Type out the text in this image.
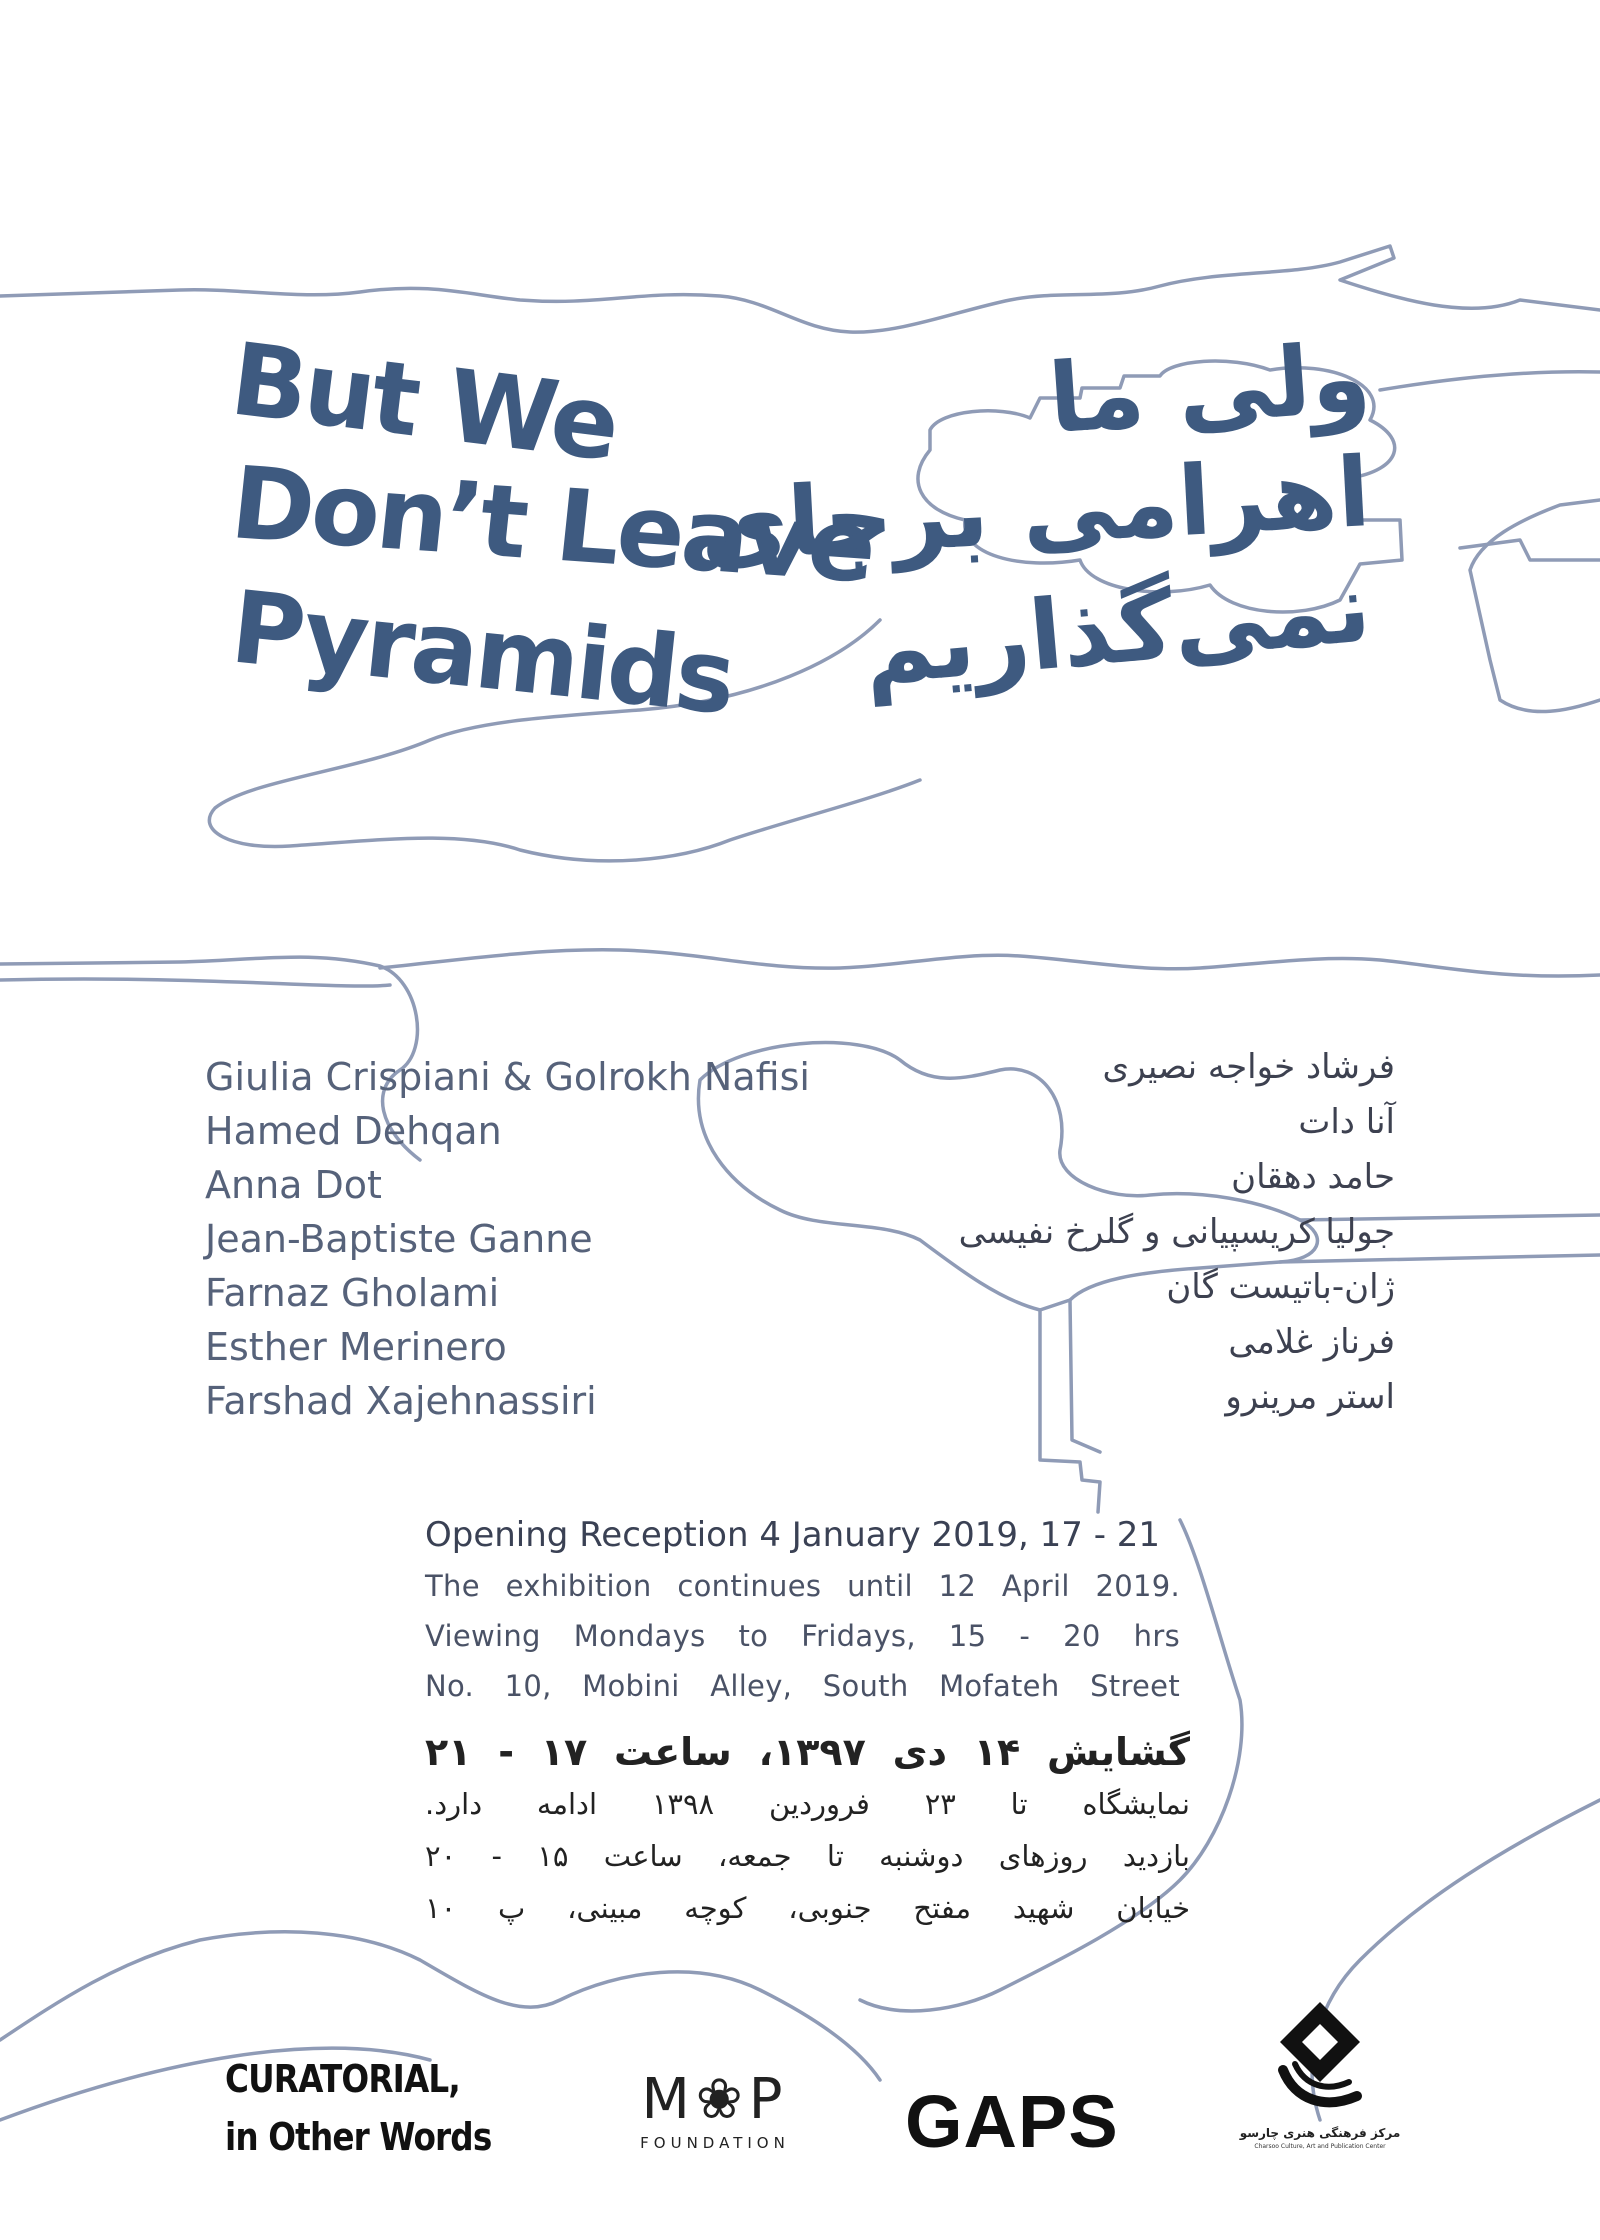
But We
Don’t Leave
Pyramids
ولی ما
اهرامی برجای
نمی‌گذاریم
Giulia Crispiani & Golrokh Nafisi
Hamed Dehqan
Anna Dot
Jean-Baptiste Ganne
Farnaz Gholami
Esther Merinero
Farshad Xajehnassiri
فرشاد خواجه نصیری
آنا دات
حامد دهقان
جولیا کریسپیانی و گلرخ نفیسی
ژان-باتیست گان
فرناز غلامی
استر مرینرو
Opening Reception 4 January 2019, 17 - 21
The exhibition continues until 12 April 2019.
Viewing Mondays to Fridays, 15 - 20 hrs
No. 10, Mobini Alley, South Mofateh Street
گشایش ۱۴ دی ۱۳۹۷، ساعت ۱۷ - ۲۱
نمایشگاه تا ۲۳ فروردین ۱۳۹۸ ادامه دارد.
بازدید روزهای دوشنبه تا جمعه، ساعت ۱۵ - ۲۰
خیابان شهید مفتح جنوبی، کوچه مبینی، پ ۱۰
CURATORIAL,
in Other Words
M❀P
FOUNDATION GAPS	مرکز فرهنگی هنری چارسو
Charsoo Culture, Art and Publication Center
